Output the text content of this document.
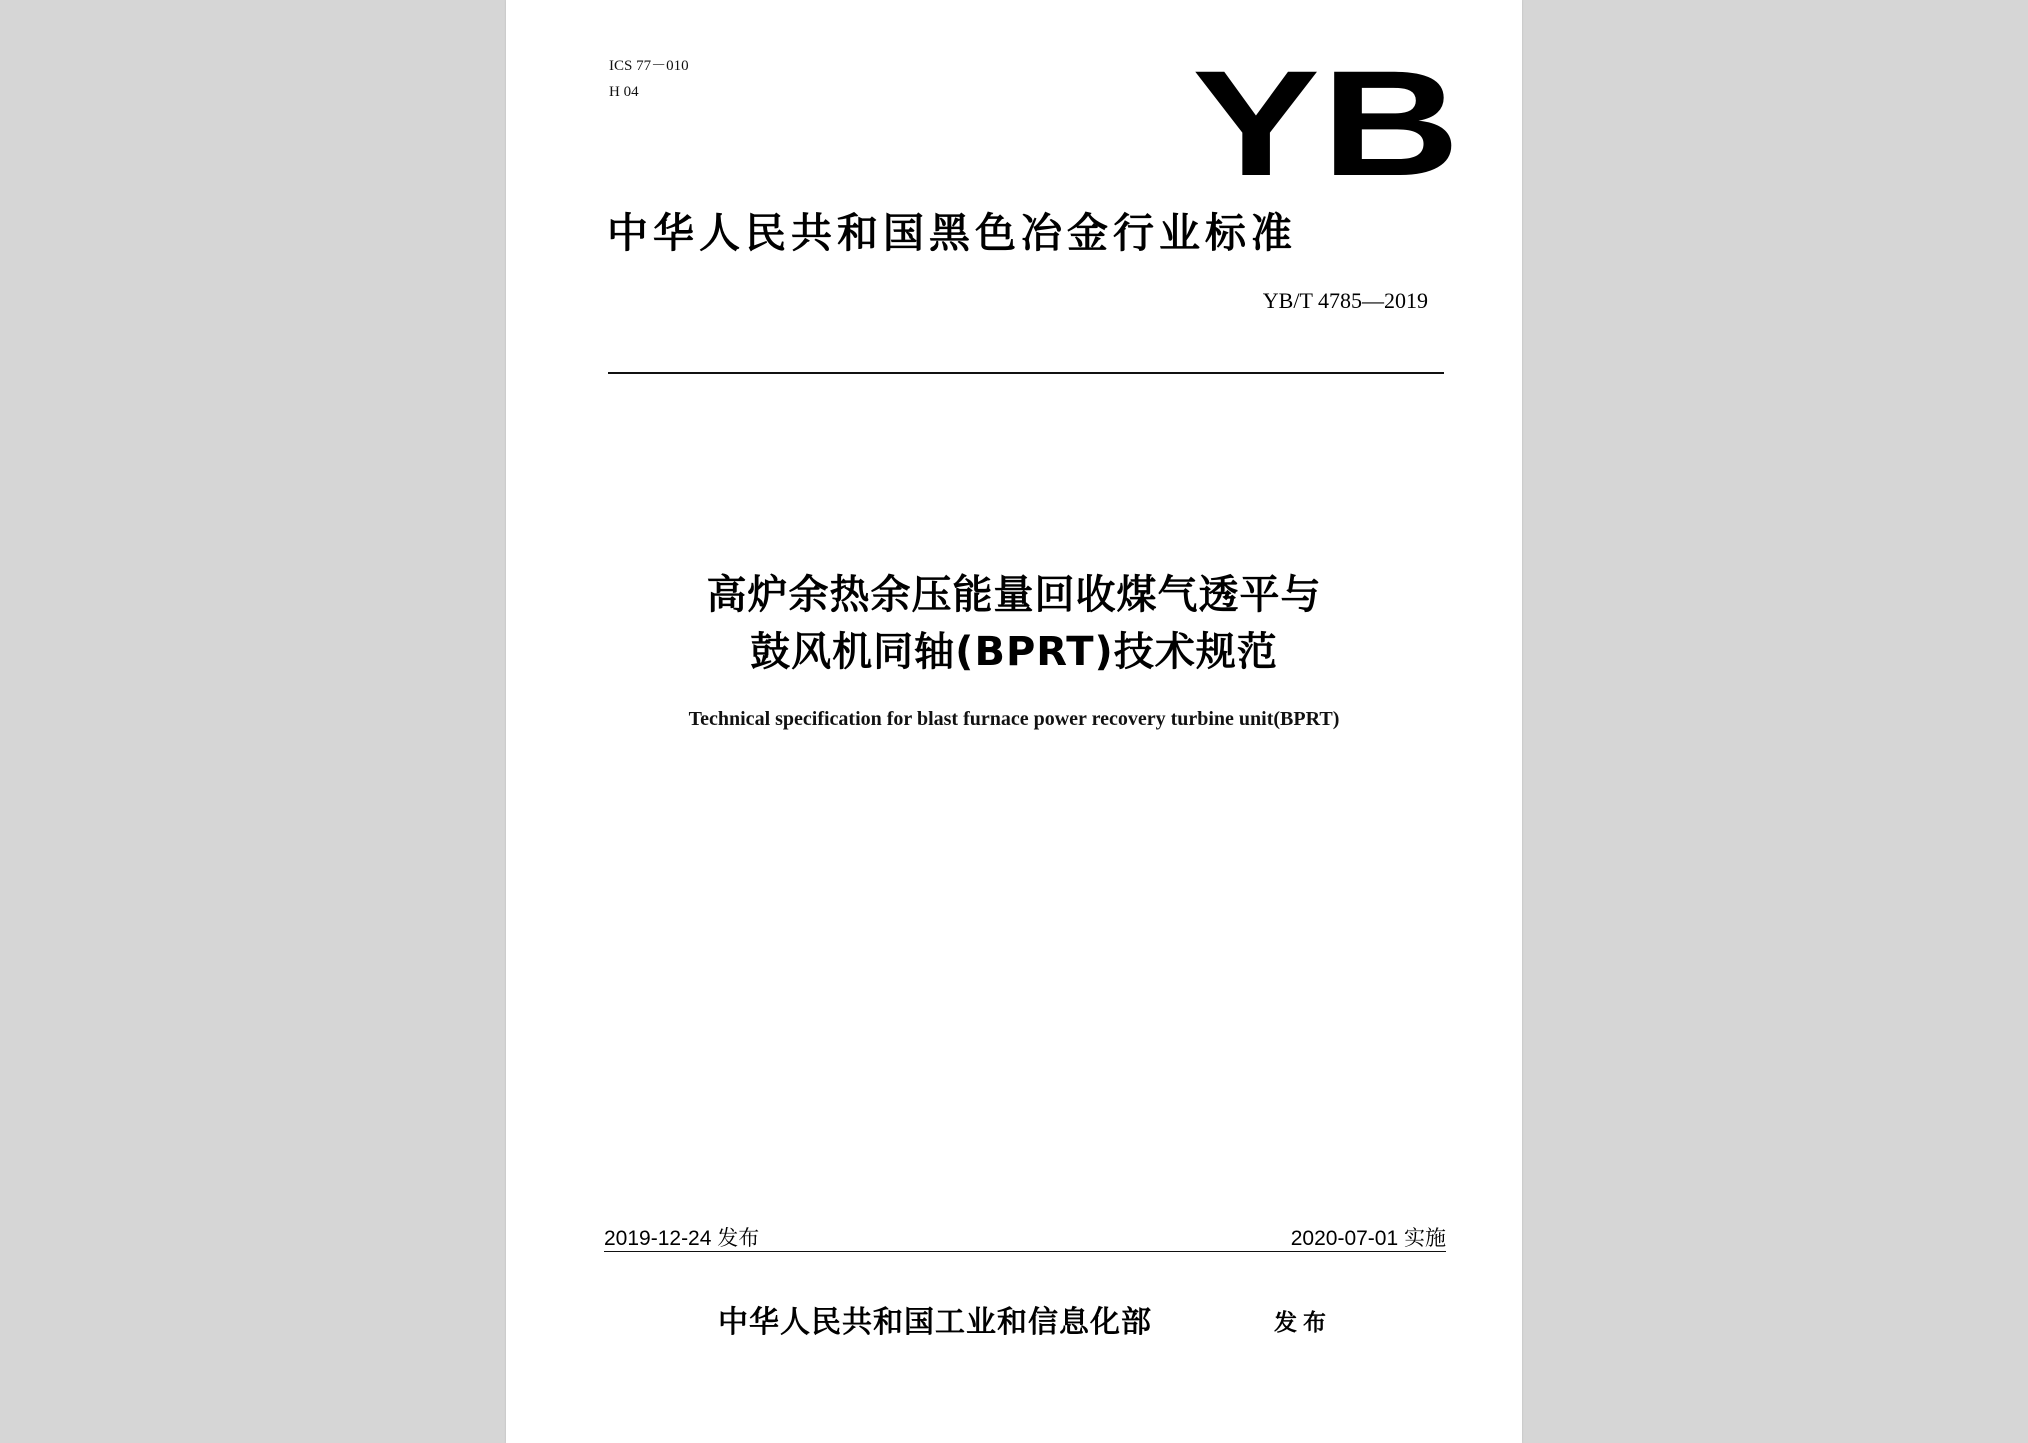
ICS 77－010
H 04	YB
中华人民共和国黑色冶金行业标准
YB/T 4785—2019
高炉余热余压能量回收煤气透平与
鼓风机同轴(BPRT)技术规范
Technical specification for blast furnace power recovery turbine unit(BPRT)
2019-12-24 发布	2020-07-01 实施
中华人民共和国工业和信息化部	发布
